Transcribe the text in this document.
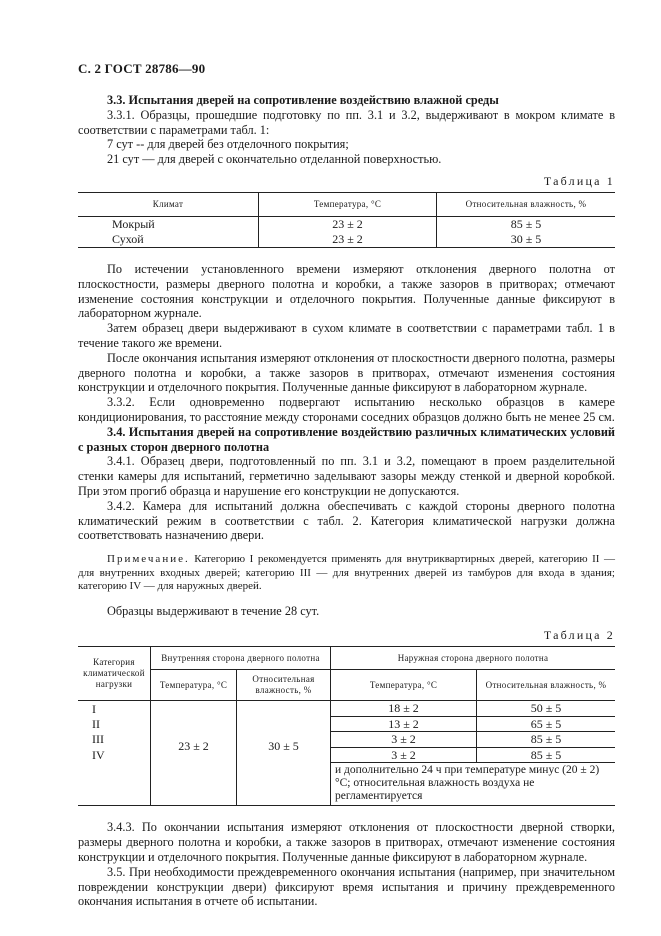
С. 2 ГОСТ 28786—90

3.3. Испытания дверей на сопротивление воздействию влажной среды

3.3.1. Образцы, прошедшие подготовку по пп. 3.1 и 3.2, выдерживают в мокром климате в соответствии с параметрами табл. 1:

7 сут -- для дверей без отделочного покрытия;

21 сут — для дверей с окончательно отделанной поверхностью.

Таблица 1
Климат	Температура, °С	Относительная влажность, %
Мокрый	23 ± 2	85 ± 5
Сухой	23 ± 2	30 ± 5

По истечении установленного времени измеряют отклонения дверного полотна от плоскостности, размеры дверного полотна и коробки, а также зазоров в притворах; отмечают изменение состояния конструкции и отделочного покрытия. Полученные данные фиксируют в лабораторном журнале.

Затем образец двери выдерживают в сухом климате в соответствии с параметрами табл. 1 в течение такого же времени.

После окончания испытания измеряют отклонения от плоскостности дверного полотна, размеры дверного полотна и коробки, а также зазоров в притворах, отмечают изменения состояния конструкции и отделочного покрытия. Полученные данные фиксируют в лабораторном журнале.

3.3.2. Если одновременно подвергают испытанию несколько образцов в камере кондиционирования, то расстояние между сторонами соседних образцов должно быть не менее 25 см.

3.4. Испытания дверей на сопротивление воздействию различных климатических условий с разных сторон дверного полотна

3.4.1. Образец двери, подготовленный по пп. 3.1 и 3.2, помещают в проем разделительной стенки камеры для испытаний, герметично заделывают зазоры между стенкой и дверной коробкой. При этом прогиб образца и нарушение его конструкции не допускаются.

3.4.2. Камера для испытаний должна обеспечивать с каждой стороны дверного полотна климатический режим в соответствии с табл. 2. Категория климатической нагрузки должна соответствовать назначению двери.

Примечание. Категорию I рекомендуется применять для внутриквартирных дверей, категорию II — для внутренних входных дверей; категорию III — для внутренних дверей из тамбуров для входа в здания; категорию IV — для наружных дверей.

Образцы выдерживают в течение 28 сут.

Таблица 2
Категория климатической нагрузки	Внутренняя сторона дверного полотна		Наружная сторона дверного полотна	
	Температура, °С	Относительная влажность, %	Температура, °С	Относительная влажность, %
I	23 ± 2	30 ± 5	18 ± 2	50 ± 5
II			13 ± 2	65 ± 5
III			3 ± 2	85 ± 5
IV			3 ± 2	85 ± 5
			и дополнительно 24 ч при температуре минус (20 ± 2) °С; относительная влажность воздуха не регламентируется	

3.4.3. По окончании испытания измеряют отклонения от плоскостности дверной створки, размеры дверного полотна и коробки, а также зазоров в притворах, отмечают изменение состояния конструкции и отделочного покрытия. Полученные данные фиксируют в лабораторном журнале.

3.5. При необходимости преждевременного окончания испытания (например, при значительном повреждении конструкции двери) фиксируют время испытания и причину преждевременного окончания испытания в отчете об испытании.
